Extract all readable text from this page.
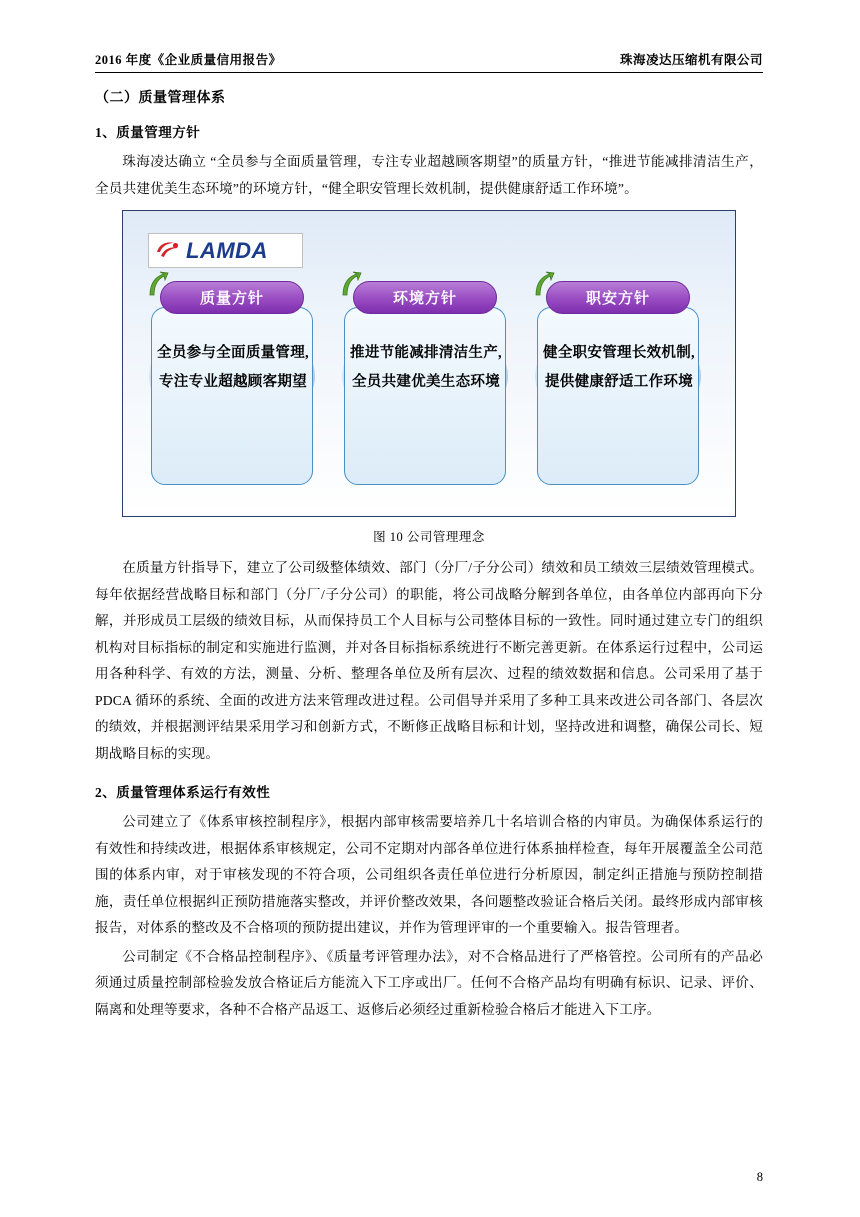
2016 年度《企业质量信用报告》	珠海凌达压缩机有限公司
（二）质量管理体系
1、质量管理方针

珠海凌达确立 “全员参与全面质量管理，专注专业超越顾客期望”的质量方针，“推进节能减排清洁生产，全员共建优美生态环境”的环境方针，“健全职安管理长效机制，提供健康舒适工作环境”。

LAMDA
质量方针
全员参与全面质量管理,
专注专业超越顾客期望
环境方针
推进节能减排清洁生产,
全员共建优美生态环境
职安方针
健全职安管理长效机制,
提供健康舒适工作环境
图 10 公司管理理念

在质量方针指导下，建立了公司级整体绩效、部门（分厂/子分公司）绩效和员工绩效三层绩效管理模式。每年依据经营战略目标和部门（分厂/子分公司）的职能，将公司战略分解到各单位，由各单位内部再向下分解，并形成员工层级的绩效目标，从而保持员工个人目标与公司整体目标的一致性。同时通过建立专门的组织机构对目标指标的制定和实施进行监测，并对各目标指标系统进行不断完善更新。在体系运行过程中，公司运用各种科学、有效的方法，测量、分析、整理各单位及所有层次、过程的绩效数据和信息。公司采用了基于 PDCA 循环的系统、全面的改进方法来管理改进过程。公司倡导并采用了多种工具来改进公司各部门、各层次的绩效，并根据测评结果采用学习和创新方式，不断修正战略目标和计划，坚持改进和调整，确保公司长、短期战略目标的实现。

2、质量管理体系运行有效性

公司建立了《体系审核控制程序》，根据内部审核需要培养几十名培训合格的内审员。为确保体系运行的有效性和持续改进，根据体系审核规定，公司不定期对内部各单位进行体系抽样检查，每年开展覆盖全公司范围的体系内审，对于审核发现的不符合项，公司组织各责任单位进行分析原因，制定纠正措施与预防控制措施，责任单位根据纠正预防措施落实整改，并评价整改效果，各问题整改验证合格后关闭。最终形成内部审核报告，对体系的整改及不合格项的预防提出建议，并作为管理评审的一个重要输入。报告管理者。

公司制定《不合格品控制程序》、《质量考评管理办法》，对不合格品进行了严格管控。公司所有的产品必须通过质量控制部检验发放合格证后方能流入下工序或出厂。任何不合格产品均有明确有标识、记录、评价、隔离和处理等要求，各种不合格产品返工、返修后必须经过重新检验合格后才能进入下工序。

8
